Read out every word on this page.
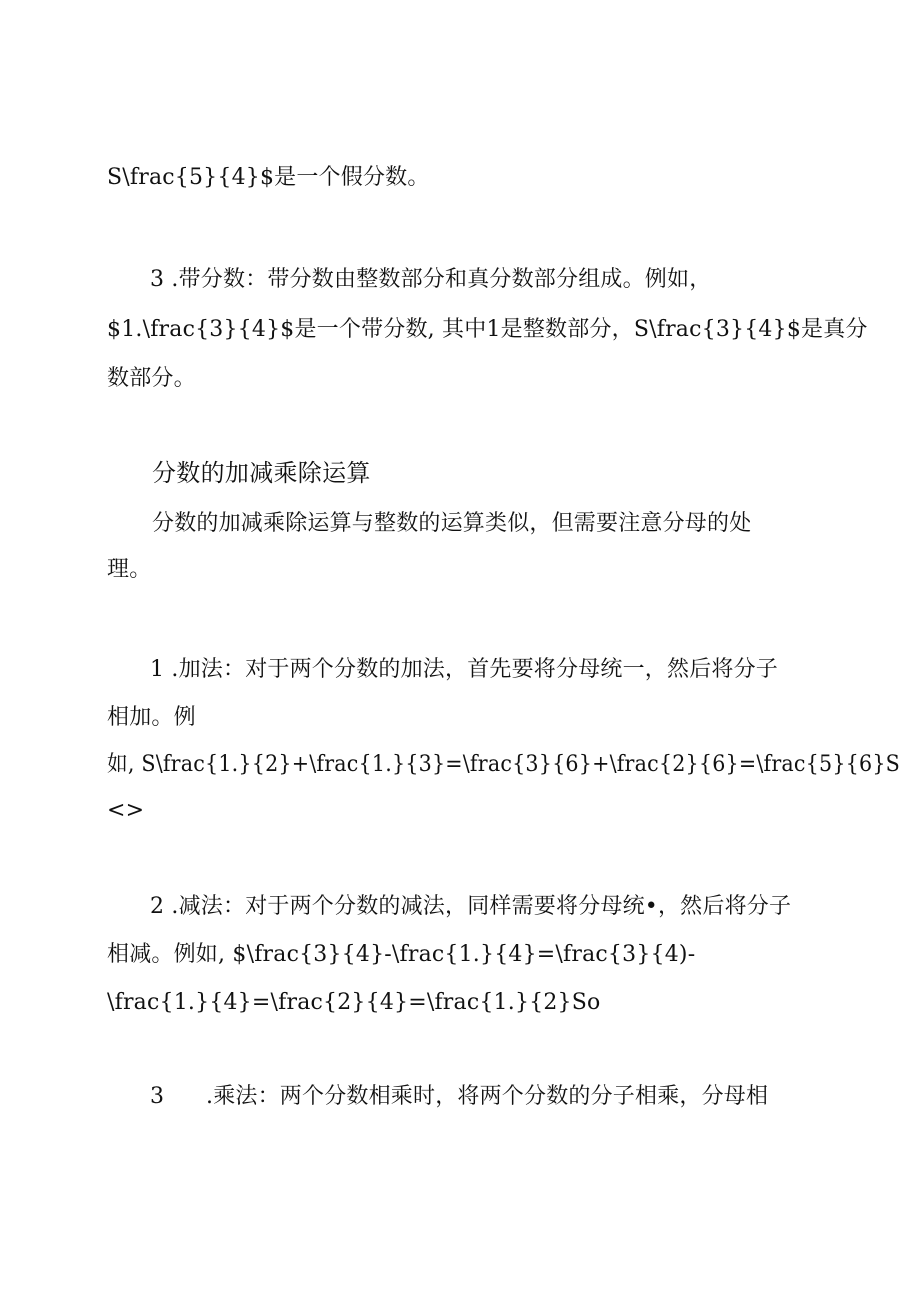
S\frac{5}{4}$是一个假分数。
3 .带分数：带分数由整数部分和真分数部分组成。例如，
$1.\frac{3}{4}$是一个带分数, 其中1是整数部分，S\frac{3}{4}$是真分
数部分。
分数的加减乘除运算
分数的加减乘除运算与整数的运算类似，但需要注意分母的处
理。
1 .加法：对于两个分数的加法，首先要将分母统一，然后将分子
相加。例
如, S\frac{1.}{2}+\frac{1.}{3}=\frac{3}{6}+\frac{2}{6}=\frac{5}{6}S
<>
2 .减法：对于两个分数的减法，同样需要将分母统•，然后将分子
相减。例如, $\frac{3}{4}-\frac{1.}{4}=\frac{3}{4)-
\frac{1.}{4}=\frac{2}{4}=\frac{1.}{2}So
3 .乘法：两个分数相乘时，将两个分数的分子相乘，分母相
